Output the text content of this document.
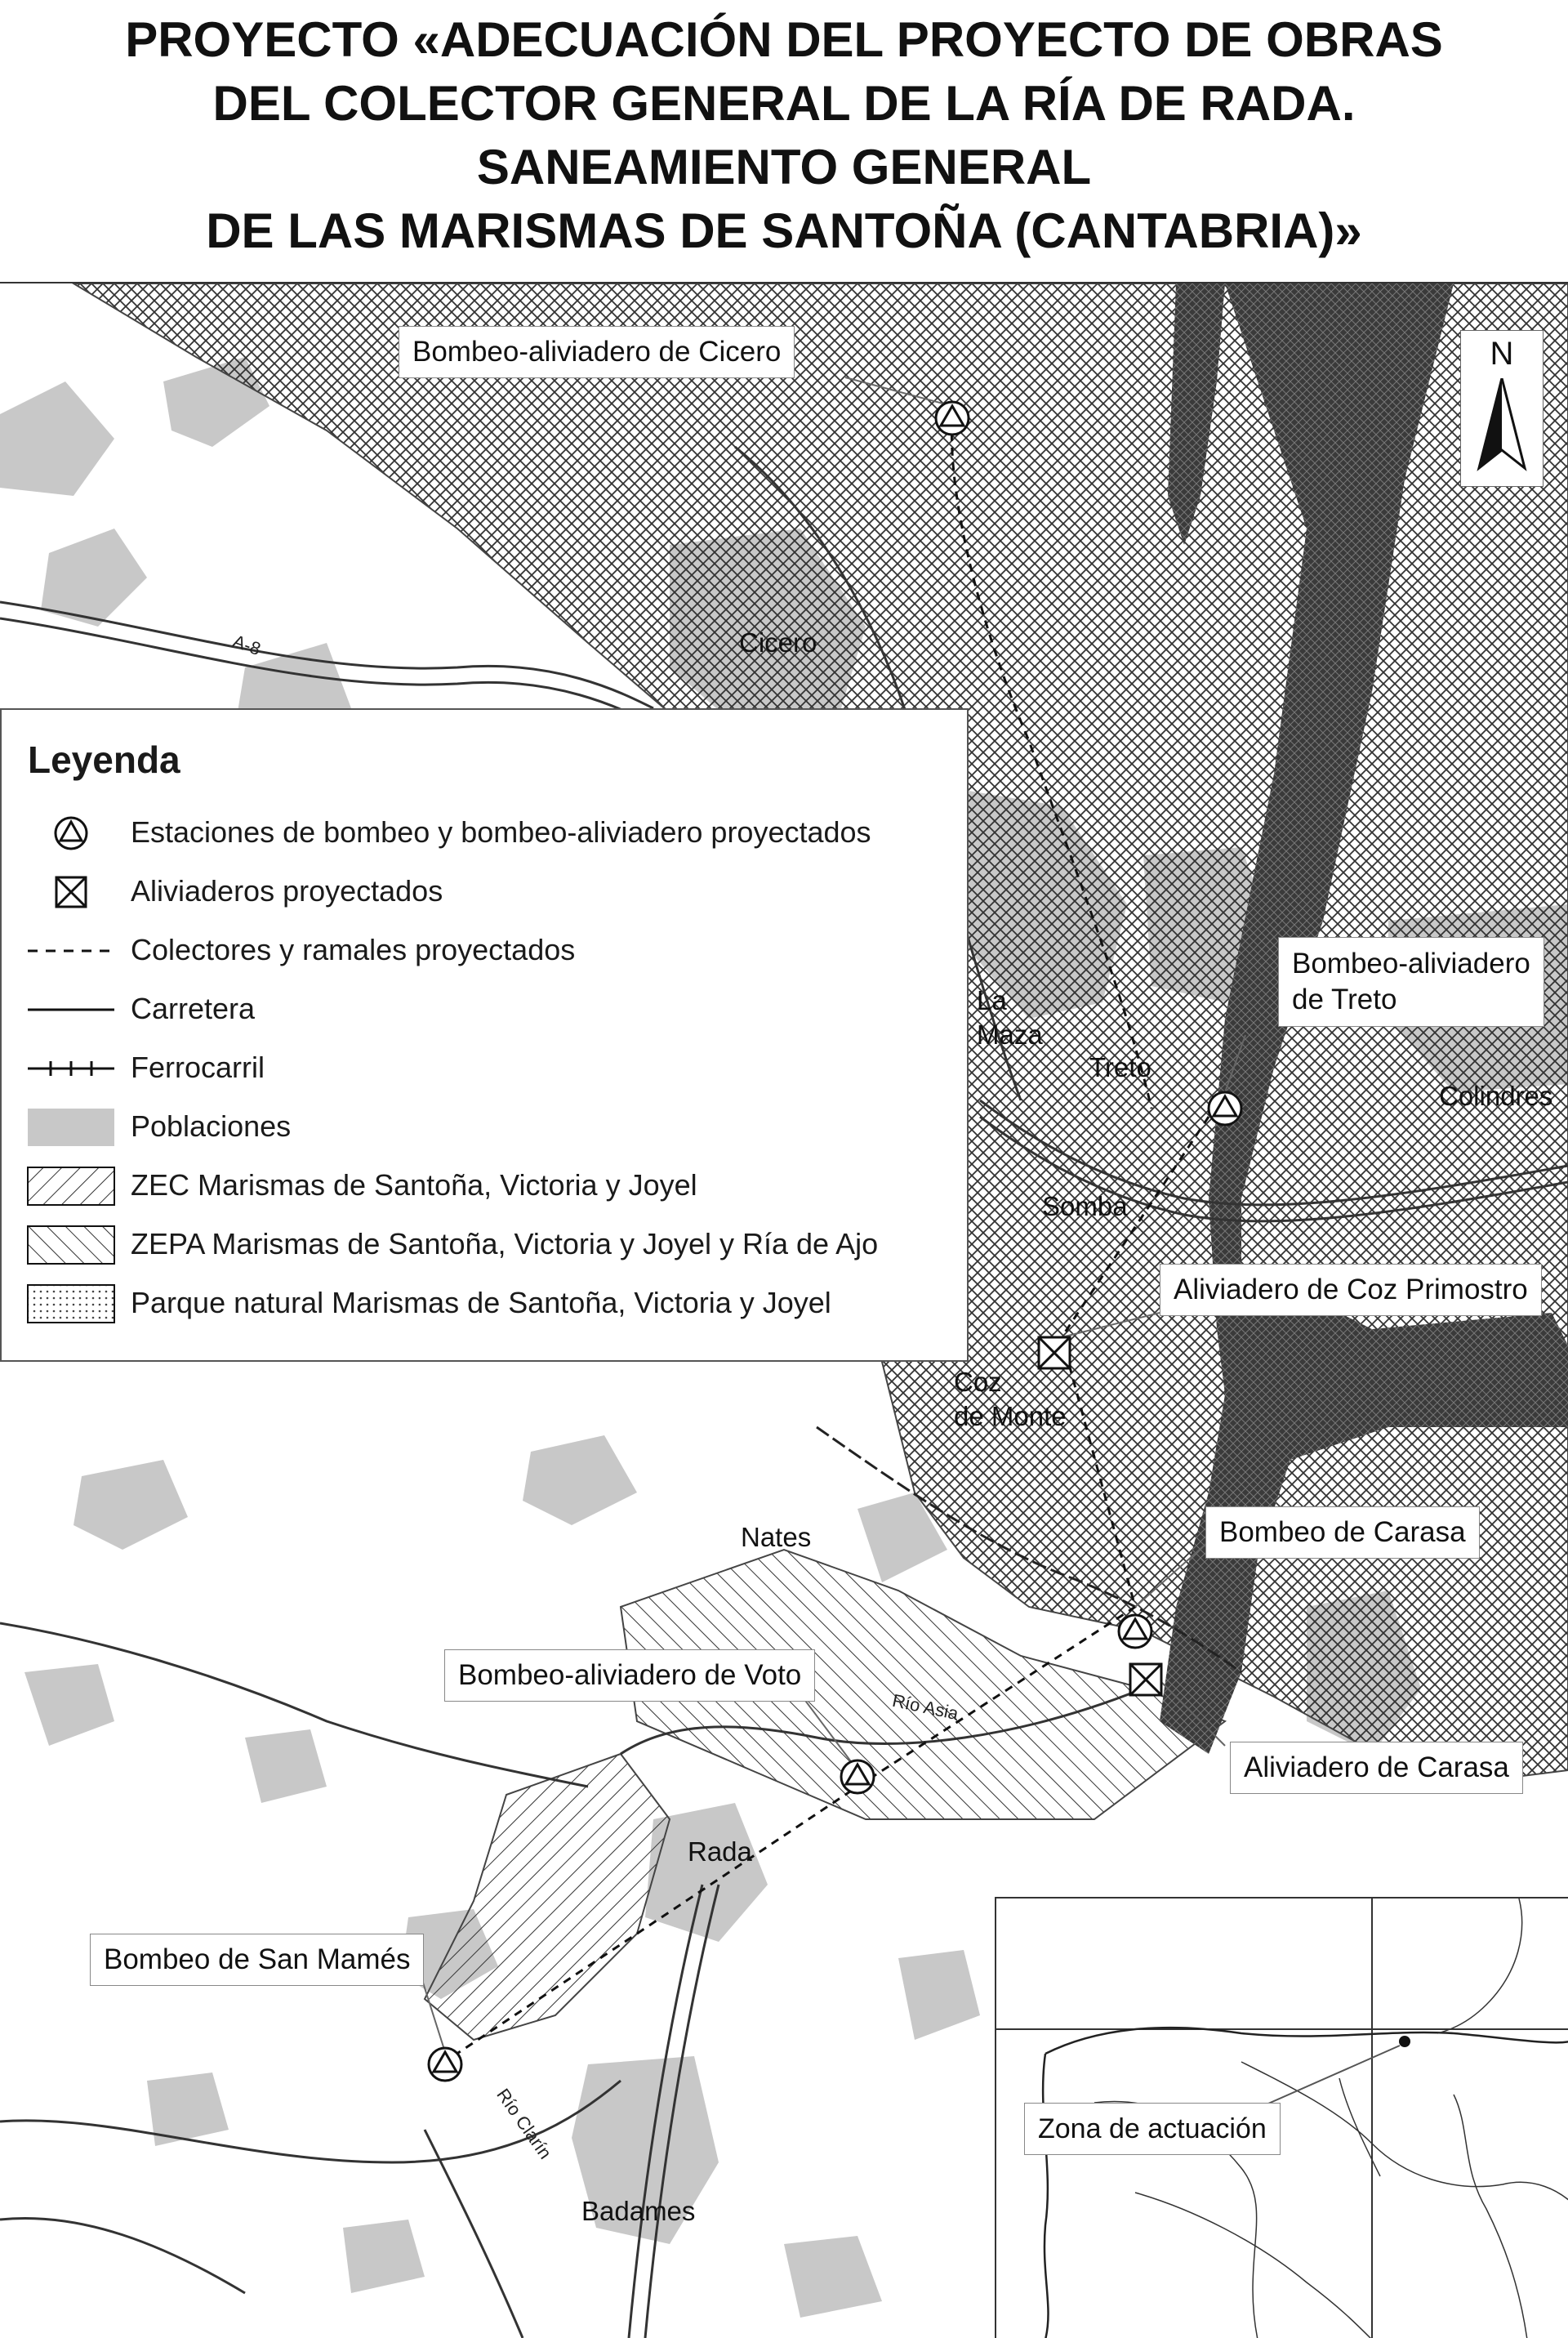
PROYECTO «ADECUACIÓN DEL PROYECTO DE OBRAS
DEL COLECTOR GENERAL DE LA RÍA DE RADA.
SANEAMIENTO GENERAL
DE LAS MARISMAS DE SANTOÑA (CANTABRIA)»
Cicero
La
Maza
Treto
Colindres
Somba
Coz
de Monte
Nates
Rada
Badames
A-8
Río Clarín
Río Asia
Bombeo-aliviadero de Cicero
Bombeo-aliviadero
de Treto
Aliviadero de Coz Primostro
Bombeo de Carasa
Bombeo-aliviadero de Voto
Aliviadero de Carasa
Bombeo de San Mamés
N
Leyenda
Estaciones de bombeo y bombeo-aliviadero proyectados
Aliviaderos proyectados
Colectores y ramales proyectados
Carretera
Ferrocarril
Poblaciones
ZEC Marismas de Santoña, Victoria y Joyel
ZEPA Marismas de Santoña, Victoria y Joyel y Ría de Ajo
Parque natural Marismas de Santoña, Victoria y Joyel
Zona de actuación
